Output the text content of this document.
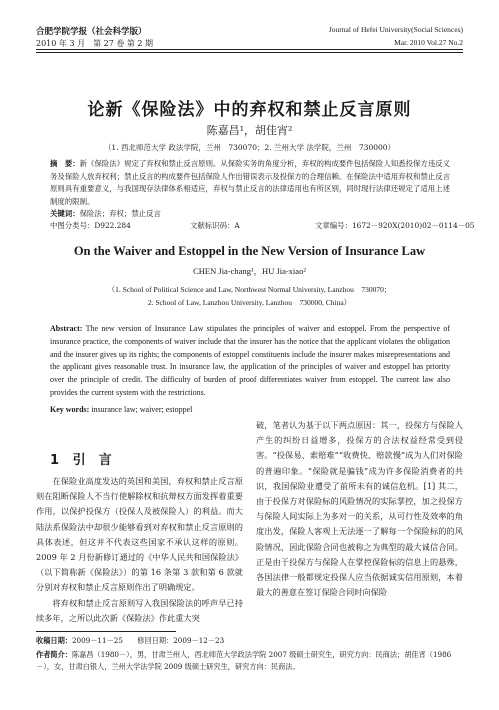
合肥学院学报（社会科学版）
2010 年 3 月　第 27 卷 第 2 期
Journal of Hefei University(Social Sciences)
Mar. 2010 Vol.27 No.2
论新《保险法》中的弃权和禁止反言原则
陈嘉昌¹，胡佳宵²
（1. 西北师范大学 政法学院，兰州　730070；2. 兰州大学 法学院，兰州　730000）
摘　要：新《保险法》规定了弃权和禁止反言原则。从保险实务的角度分析，弃权的构成要件包括保险人知悉投保方违反义务及保险人放弃权利；禁止反言的构成要件包括保险人作出错误表示及投保方的合理信赖。在保险法中适用弃权和禁止反言原则具有重要意义，与我国现存法律体系相适应，弃权与禁止反言的法律适用也有所区别，同时现行法律还规定了适用上述制度的限制。
关键词：保险法；弃权；禁止反言
中图分类号：D922.284	文献标识码：A	文章编号：1672－920X(2010)02－0114－05
On the Waiver and Estoppel in the New Version of Insurance Law
CHEN Jia-chang¹，HU Jia-xiao²
（1. School of Political Science and Law, Northwest Normal University, Lanzhou　730070；
2. School of Law, Lanzhou University, Lanzhou　730000, China）
Abstract: The new version of Insurance Law stipulates the principles of waiver and estoppel. From the perspective of insurance practice, the components of waiver include that the insurer has the notice that the applicant violates the obligation and the insurer gives up its rights; the components of estoppel constituents include the insurer makes misrepresentations and the applicant gives reasonable trust. In insurance law, the application of the principles of waiver and estoppel has priority over the principle of credit. The difficulty of burden of proof differentiates waiver from estoppel. The current law also provides the current system with the restrictions.
Key words: insurance law; waiver; estoppel
1 引　言

在保险业高度发达的英国和美国，弃权和禁止反言原则在阻断保险人不当行使解除权和抗辩权方面发挥着重要作用，以保护投保方（投保人及被保险人）的利益。而大陆法系保险法中却很少能够看到对弃权和禁止反言原则的具体表述，但这并不代表这些国家不承认这样的原则。2009 年 2 月份新修订通过的《中华人民共和国保险法》（以下简称新《保险法》）的第 16 条第 3 款和第 6 款就分别对弃权和禁止反言原则作出了明确规定。

将弃权和禁止反言原则写入我国保险法的呼声早已持续多年，之所以此次新《保险法》作此重大突

破，笔者认为基于以下两点原因：其一，投保方与保险人产生的纠纷日益增多，投保方的合法权益经常受到侵害。“投保易、索赔难”“收费快、赔款慢”成为人们对保险的普遍印象。“保险就是骗钱”成为许多保险消费者的共识，我国保险业遭受了前所未有的诚信危机。[1] 其二，由于投保方对保险标的风险情况的实际掌控，加之投保方与保险人间实际上为多对一的关系，从可行性及效率的角度出发，保险人客观上无法逐一了解每一个保险标的的风险情况，因此保险合同也被称之为典型的最大诚信合同。正是由于投保方与保险人在掌控保险标的信息上的悬殊，各国法律一般都规定投保人应当依据诚实信用原则，本着最大的善意在签订保险合同时向保险

收稿日期：2009－11－25　　修回日期：2009－12－23
作者简介：陈嘉昌（1980－），男，甘肃兰州人，西北师范大学政法学院 2007 级硕士研究生，研究方向：民商法；胡佳宵（1986－），女，甘肃白银人，兰州大学法学院 2009 级硕士研究生，研究方向：民商法。
